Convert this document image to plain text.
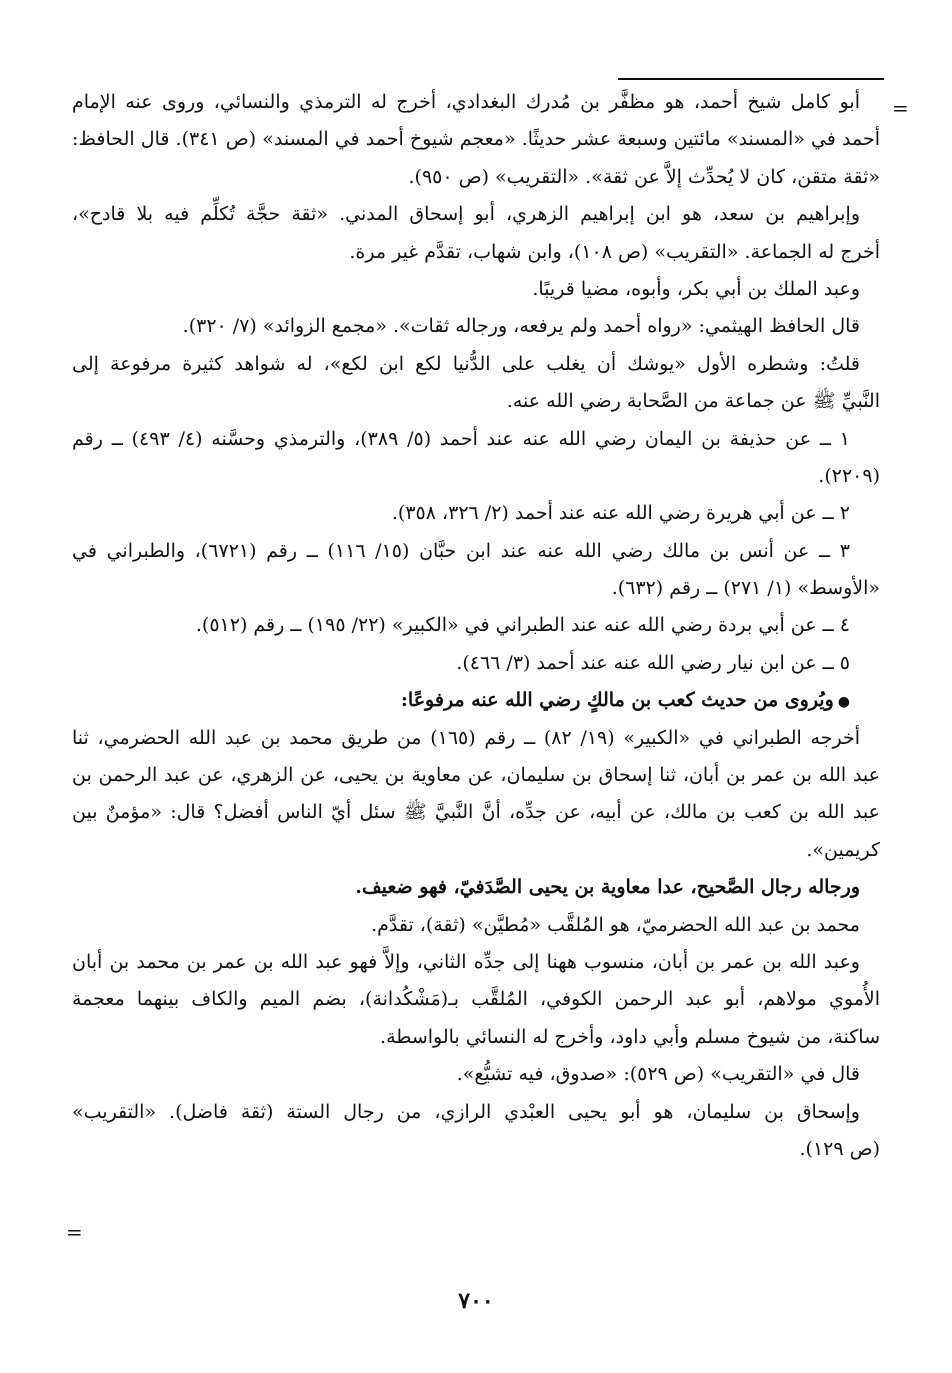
=
أبو كامل شيخ أحمد، هو مظفَّر بن مُدرك البغدادي، أخرج له الترمذي والنسائي، وروى عنه الإمام
أحمد في «المسند» مائتين وسبعة عشر حديثًا. «معجم شيوخ أحمد في المسند» (ص ٣٤١). قال الحافظ:
«ثقة متقن، كان لا يُحدِّث إلاَّ عن ثقة». «التقريب» (ص ٩٥٠).
وإبراهيم بن سعد، هو ابن إبراهيم الزهري، أبو إسحاق المدني. «ثقة حجَّة تُكلِّم فيه بلا قادح»،
أخرج له الجماعة. «التقريب» (ص ١٠٨)، وابن شهاب، تقدَّم غير مرة.
وعبد الملك بن أبي بكر، وأبوه، مضيا قريبًا.
قال الحافظ الهيثمي: «رواه أحمد ولم يرفعه، ورجاله ثقات». «مجمع الزوائد» (٧/ ٣٢٠).
قلتُ: وشطره الأول «يوشك أن يغلب على الدُّنيا لكع ابن لكع»، له شواهد كثيرة مرفوعة إلى
النَّبيِّ ﷺ عن جماعة من الصَّحابة رضي الله عنه.
١ ــ عن حذيفة بن اليمان رضي الله عنه عند أحمد (٥/ ٣٨٩)، والترمذي وحسَّنه (٤/ ٤٩٣) ــ رقم
(٢٢٠٩).
٢ ــ عن أبي هريرة رضي الله عنه عند أحمد (٢/ ٣٢٦، ٣٥٨).
٣ ــ عن أنس بن مالك رضي الله عنه عند ابن حبَّان (١٥/ ١١٦) ــ رقم (٦٧٢١)، والطبراني في
«الأوسط» (١/ ٢٧١) ــ رقم (٦٣٢).
٤ ــ عن أبي بردة رضي الله عنه عند الطبراني في «الكبير» (٢٢/ ١٩٥) ــ رقم (٥١٢).
٥ ــ عن ابن نيار رضي الله عنه عند أحمد (٣/ ٤٦٦).
●ويُروى من حديث كعب بن مالكٍ رضي الله عنه مرفوعًا:
أخرجه الطبراني في «الكبير» (١٩/ ٨٢) ــ رقم (١٦٥) من طريق محمد بن عبد الله الحضرمي، ثنا
عبد الله بن عمر بن أبان، ثنا إسحاق بن سليمان، عن معاوية بن يحيى، عن الزهري، عن عبد الرحمن بن
عبد الله بن كعب بن مالك، عن أبيه، عن جدِّه، أنَّ النَّبيَّ ﷺ سئل أيّ الناس أفضل؟ قال: «مؤمنٌ بين
كريمين».
ورجاله رجال الصَّحيح، عدا معاوية بن يحيى الصَّدَفيّ، فهو ضعيف.
محمد بن عبد الله الحضرميّ، هو المُلقَّب «مُطيَّن» (ثقة)، تقدَّم.
وعبد الله بن عمر بن أبان، منسوب ههنا إلى جدِّه الثاني، وإلاَّ فهو عبد الله بن عمر بن محمد بن أبان
الأُموي مولاهم، أبو عبد الرحمن الكوفي، المُلقَّب بـ(مَشْكُدانة)، بضم الميم والكاف بينهما معجمة
ساكنة، من شيوخ مسلم وأبي داود، وأخرج له النسائي بالواسطة.
قال في «التقريب» (ص ٥٢٩): «صدوق، فيه تشيُّع».
وإسحاق بن سليمان، هو أبو يحيى العبْدي الرازي، من رجال الستة (ثقة فاضل). «التقريب»
(ص ١٢٩).
=
٧٠٠
